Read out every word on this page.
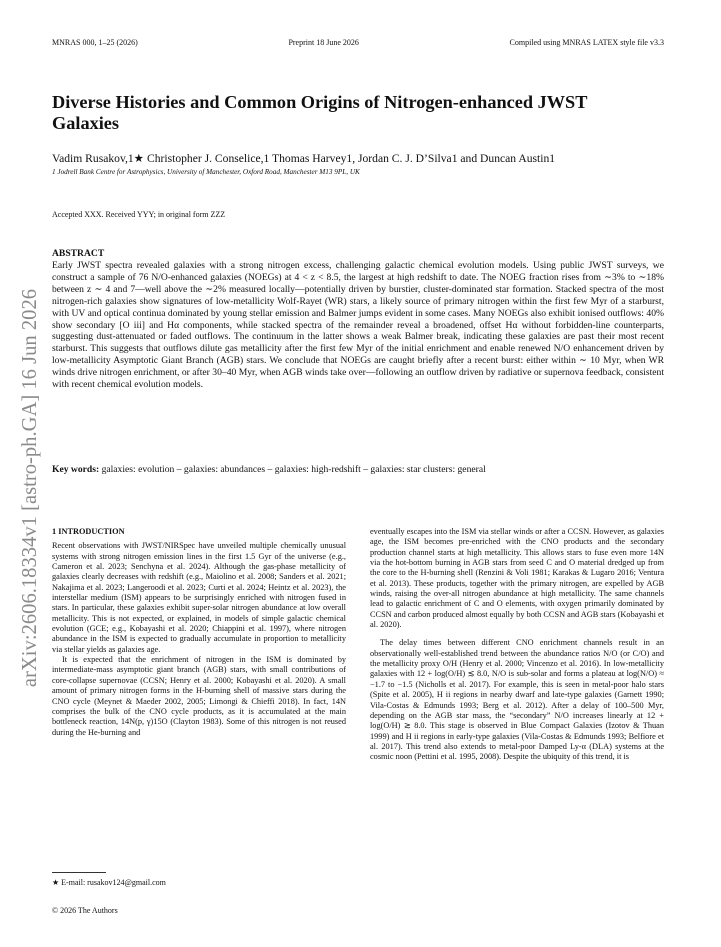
MNRAS 000, 1–25 (2026)	Preprint 18 June 2026	Compiled using MNRAS LATEX style file v3.3
Diverse Histories and Common Origins of Nitrogen-enhanced JWST Galaxies
Vadim Rusakov,1★ Christopher J. Conselice,1 Thomas Harvey1, Jordan C. J. D’Silva1 and Duncan Austin1
1 Jodrell Bank Centre for Astrophysics, University of Manchester, Oxford Road, Manchester M13 9PL, UK
Accepted XXX. Received YYY; in original form ZZZ
arXiv:2606.18334v1 [astro-ph.GA] 16 Jun 2026
ABSTRACT
Early JWST spectra revealed galaxies with a strong nitrogen excess, challenging galactic chemical evolution models. Using public JWST surveys, we construct a sample of 76 N/O-enhanced galaxies (NOEGs) at 4 < z < 8.5, the largest at high redshift to date. The NOEG fraction rises from ∼3% to ∼18% between z ∼ 4 and 7—well above the ∼2% measured locally—potentially driven by burstier, cluster-dominated star formation. Stacked spectra of the most nitrogen-rich galaxies show signatures of low-metallicity Wolf-Rayet (WR) stars, a likely source of primary nitrogen within the first few Myr of a starburst, with UV and optical continua dominated by young stellar emission and Balmer jumps evident in some cases. Many NOEGs also exhibit ionised outflows: 40% show secondary [O iii] and Hα components, while stacked spectra of the remainder reveal a broadened, offset Hα without forbidden-line counterparts, suggesting dust-attenuated or faded outflows. The continuum in the latter shows a weak Balmer break, indicating these galaxies are past their most recent starburst. This suggests that outflows dilute gas metallicity after the first few Myr of the initial enrichment and enable renewed N/O enhancement driven by low-metallicity Asymptotic Giant Branch (AGB) stars. We conclude that NOEGs are caught briefly after a recent burst: either within ∼ 10 Myr, when WR winds drive nitrogen enrichment, or after 30–40 Myr, when AGB winds take over—following an outflow driven by radiative or supernova feedback, consistent with recent chemical evolution models.
Key words: galaxies: evolution – galaxies: abundances – galaxies: high-redshift – galaxies: star clusters: general
1 INTRODUCTION

Recent observations with JWST/NIRSpec have unveiled multiple chemically unusual systems with strong nitrogen emission lines in the first 1.5 Gyr of the universe (e.g., Cameron et al. 2023; Senchyna et al. 2024). Although the gas-phase metallicity of galaxies clearly decreases with redshift (e.g., Maiolino et al. 2008; Sanders et al. 2021; Nakajima et al. 2023; Langeroodi et al. 2023; Curti et al. 2024; Heintz et al. 2023), the interstellar medium (ISM) appears to be surprisingly enriched with nitrogen fused in stars. In particular, these galaxies exhibit super-solar nitrogen abundance at low overall metallicity. This is not expected, or explained, in models of simple galactic chemical evolution (GCE; e.g., Kobayashi et al. 2020; Chiappini et al. 1997), where nitrogen abundance in the ISM is expected to gradually accumulate in proportion to metallicity via stellar yields as galaxies age.

It is expected that the enrichment of nitrogen in the ISM is dominated by intermediate-mass asymptotic giant branch (AGB) stars, with small contributions of core-collapse supernovae (CCSN; Henry et al. 2000; Kobayashi et al. 2020). A small amount of primary nitrogen forms in the H-burning shell of massive stars during the CNO cycle (Meynet & Maeder 2002, 2005; Limongi & Chieffi 2018). In fact, 14N comprises the bulk of the CNO cycle products, as it is accumulated at the main bottleneck reaction, 14N(p, γ)15O (Clayton 1983). Some of this nitrogen is not reused during the He-burning and

eventually escapes into the ISM via stellar winds or after a CCSN. However, as galaxies age, the ISM becomes pre-enriched with the CNO products and the secondary production channel starts at high metallicity. This allows stars to fuse even more 14N via the hot-bottom burning in AGB stars from seed C and O material dredged up from the core to the H-burning shell (Renzini & Voli 1981; Karakas & Lugaro 2016; Ventura et al. 2013). These products, together with the primary nitrogen, are expelled by AGB winds, raising the over-all nitrogen abundance at high metallicity. The same channels lead to galactic enrichment of C and O elements, with oxygen primarily dominated by CCSN and carbon produced almost equally by both CCSN and AGB stars (Kobayashi et al. 2020).

The delay times between different CNO enrichment channels result in an observationally well-established trend between the abundance ratios N/O (or C/O) and the metallicity proxy O/H (Henry et al. 2000; Vincenzo et al. 2016). In low-metallicity galaxies with 12 + log(O/H) ≲ 8.0, N/O is sub-solar and forms a plateau at log(N/O) ≈ −1.7 to −1.5 (Nicholls et al. 2017). For example, this is seen in metal-poor halo stars (Spite et al. 2005), H ii regions in nearby dwarf and late-type galaxies (Garnett 1990; Vila-Costas & Edmunds 1993; Berg et al. 2012). After a delay of 100–500 Myr, depending on the AGB star mass, the “secondary” N/O increases linearly at 12 + log(O/H) ≳ 8.0. This stage is observed in Blue Compact Galaxies (Izotov & Thuan 1999) and H ii regions in early-type galaxies (Vila-Costas & Edmunds 1993; Belfiore et al. 2017). This trend also extends to metal-poor Damped Ly-α (DLA) systems at the cosmic noon (Pettini et al. 1995, 2008). Despite the ubiquity of this trend, it is

★ E-mail: rusakov124@gmail.com
© 2026 The Authors
